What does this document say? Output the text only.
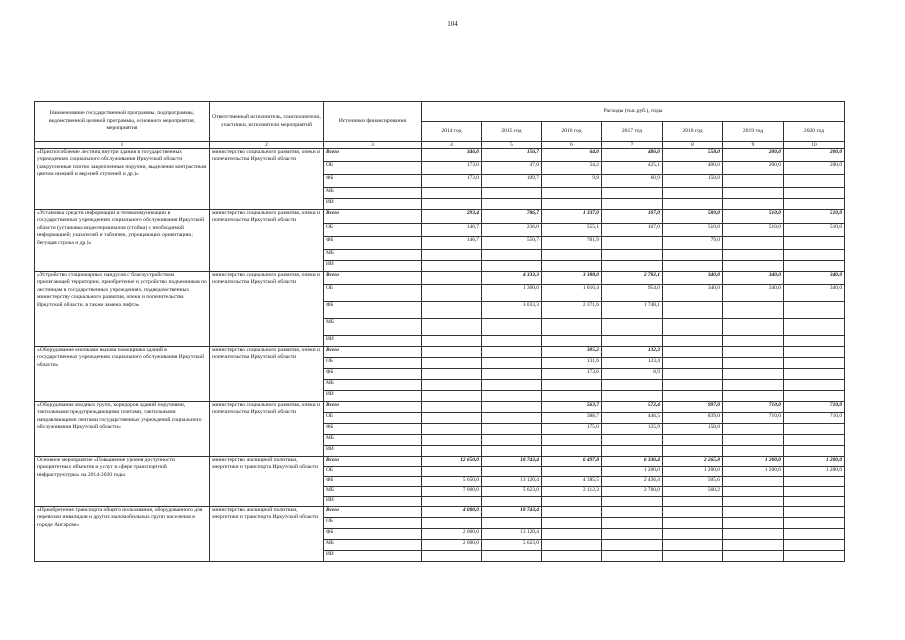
104
Наименование государственной программы, подпрограммы, ведомственной целевой программы, основного мероприятия, мероприятия	Ответственный исполнитель, соисполнители, участники, исполнители мероприятий	Источники финансирования	Расходы (тыс.руб.), годы						
			2014 год	2015 год	2016 год	2017 год	2018 год	2019 год	2020 год
1	2	3	4	5	6	7	8	9	10
«Приспособление лестниц внутри здания в государственных учреждениях социального обслуживания Иркутской области (закругленные плотно закрепленные поручни, выделение контрастным цветом нижней и верхней ступеней и др.)»	министерство социального развития, опеки и попечительства Иркутской области	Всего	346,0	156,7	64,0	486,0	558,0	200,0	200,0
		ОБ	173,0	47,0	54,2	425,1	400,0	200,0	200,0
		ФБ	173,0	109,7	9,8	60,9	158,0		
		МБ							
		ИИ							
«Установка средств информации и телекоммуникации в государственных учреждениях социального обслуживания Иркутской области (установка видеотерминалов (стойки) с необходимой информацией; указателей и табличек, упрощающих ориентацию; бегущая строка и др.)»	министерство социального развития, опеки и попечительства Иркутской области	Всего	293,4	786,7	1 337,0	107,0	589,0	510,0	510,0
		ОБ	146,7	236,0	555,1	107,0	510,0	510,0	510,0
		ФБ	146,7	550,7	781,9		79,0		
		МБ							
		ИИ							
«Устройство стационарных пандусов с благоустройством прилегающей территории, приобретение и устройство подъемников по лестницам в государственных учреждениях, подведомственных министерству социального развития, опеки и попечительства Иркутской области, в также замена лифта»	министерство социального развития, опеки и попечительства Иркутской области	Всего		4 333,3	3 388,0	2 702,1	340,0	340,0	340,0
		ОБ		1 300,0	1 016,4	954,0	340,0	340,0	340,0
		ФБ		3 033,3	2 371,6	1 748,1			
		МБ							
		ИИ							
«Оборудование кнопками вызова помощника зданий в государственных учреждениях социального обслуживания Иркутской области»	министерство социального развития, опеки и попечительства Иркутской области	Всего			305,2	132,3			
		ОБ			131,6	123,4			
		ФБ			173,6	8,9			
		МБ							
		ИИ							
«Оборудование входных групп, коридоров зданий поручнями, тактильными предупреждающими плитами, тактильными направляющими лентами государственных учреждений социального обслуживания Иркутской области»	министерство социального развития, опеки и попечительства Иркутской области	Всего			563,7	572,4	997,0	710,0	710,0
		ОБ			388,7	446,5	839,0	710,0	710,0
		ФБ			175,0	125,9	158,0		
		МБ							
		ИИ							
Основное мероприятие «Повышение уровня доступности приоритетных объектов и услуг в сфере транспортной инфраструктуры» на 2014-2020 годы	министерство жилищной политики, энергетики и транспорта Иркутской области	Всего	12 650,0	18 743,4	6 497,8	6 336,4	2 265,8	1 200,0	1 200,0
		ОБ				1 200,0	1 200,0	1 200,0	1 200,0
		ФБ	5 650,0	13 120,4	4 385,5	2 436,4	505,6		
		МБ	7 000,0	5 623,0	2 112,3	2 700,0	560,2		
		ИИ							
«Приобретение транспорта общего пользования, оборудованного для перевозки инвалидов и других маломобильных групп населения в городе Ангарске»	министерство жилищной политики, энергетики и транспорта Иркутской области	Всего	4 000,0	18 743,4					
		ОБ							
		ФБ	2 000,0	13 120,4					
		МБ	2 000,0	5 623,0					
		ИИ							
